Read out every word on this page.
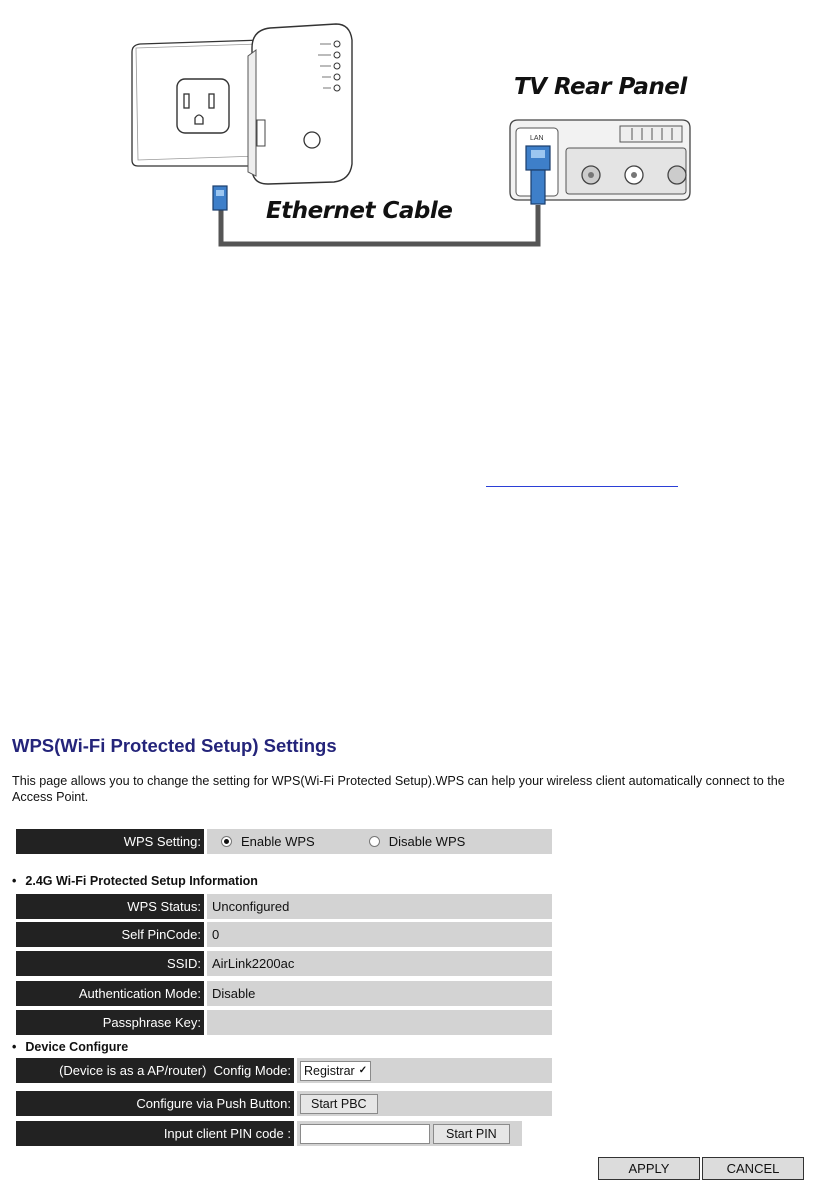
LAN
TV Rear Panel
Ethernet Cable
WPS(Wi-Fi Protected Setup) Settings
This page allows you to change the setting for WPS(Wi-Fi Protected Setup).WPS can help your wireless client automatically connect to the Access Point.
WPS Setting:	Enable WPS	Disable WPS
• 2.4G Wi-Fi Protected Setup Information
WPS Status: Unconfigured
Self PinCode: 0
SSID: AirLink2200ac
Authentication Mode: Disable
Passphrase Key:
• Device Configure
(Device is as a AP/router)  Config Mode: Registrar ✓
Configure via Push Button:	Start PBC
Input client PIN code :	Start PIN
APPLY	CANCEL
